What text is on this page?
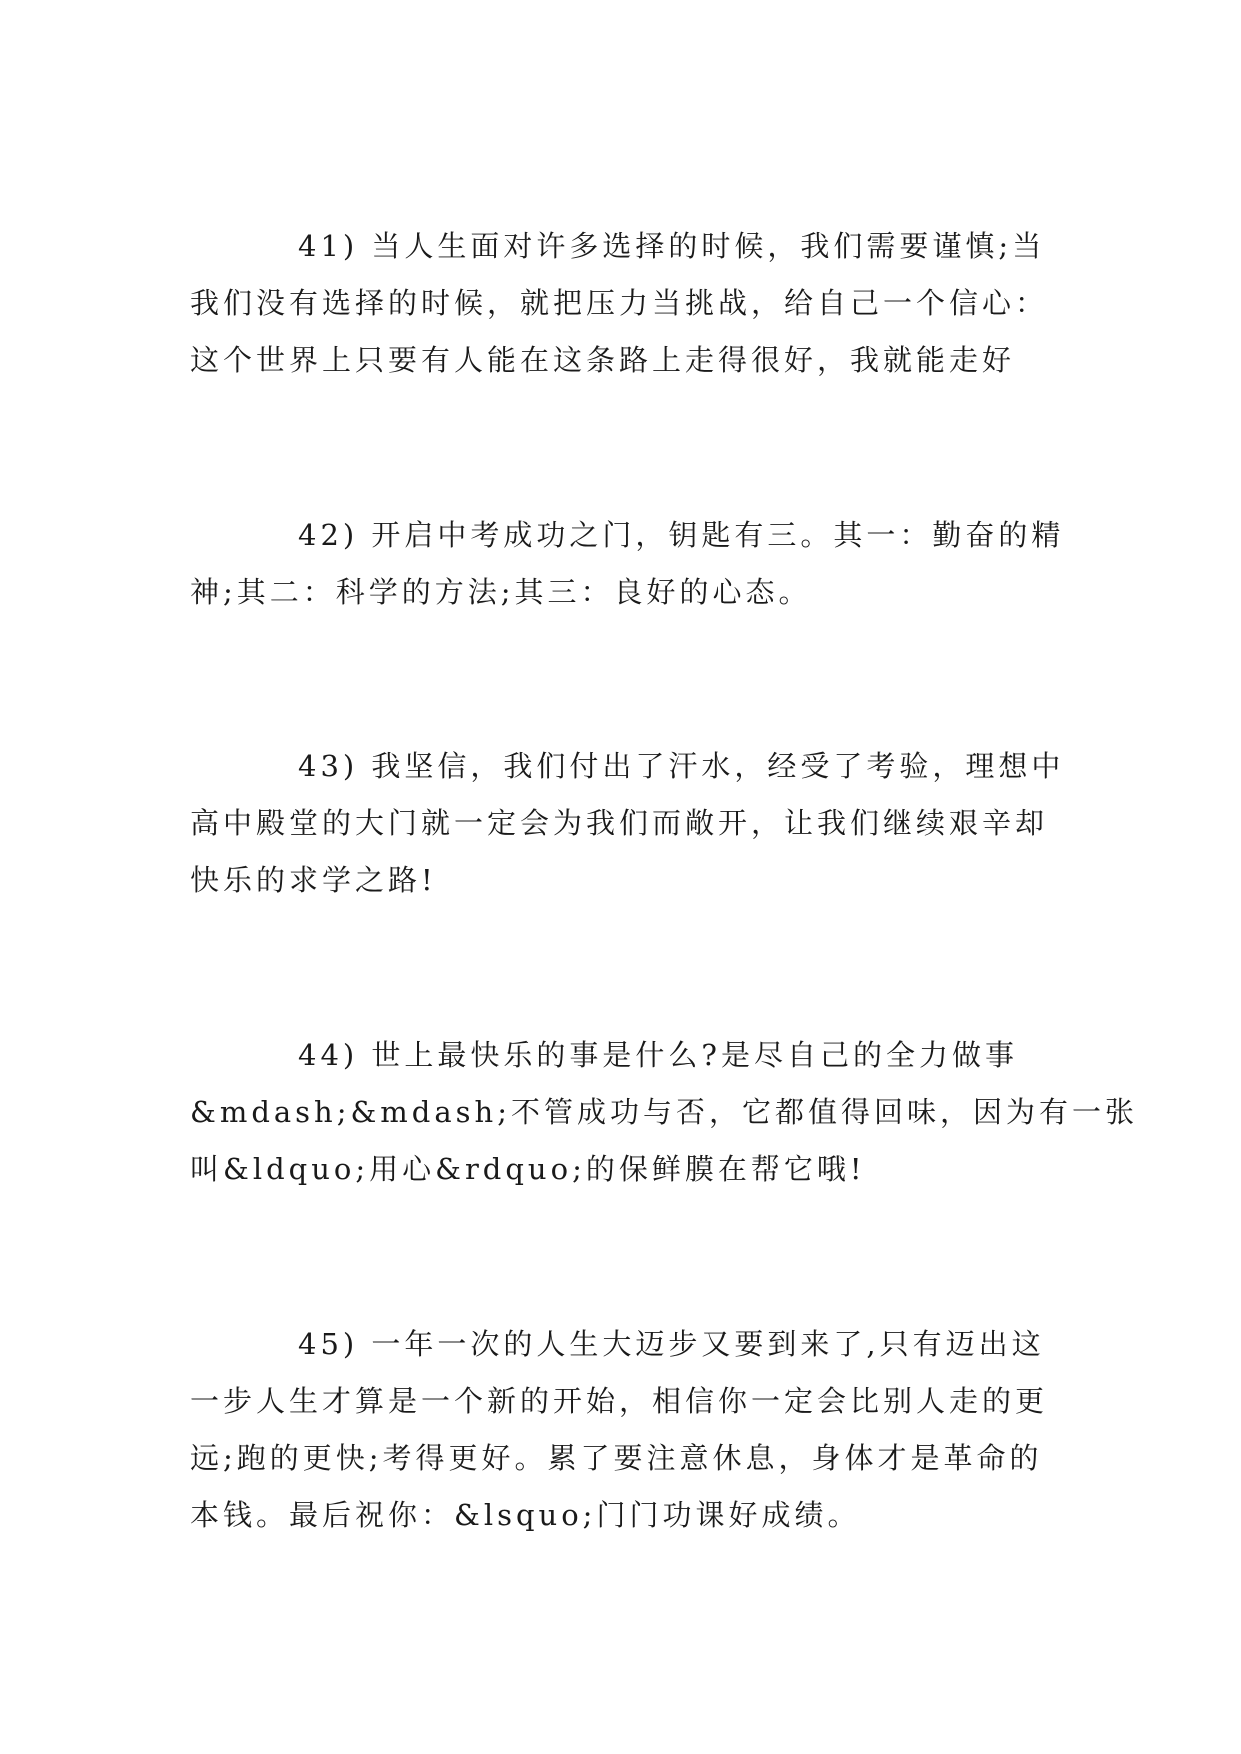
41) 当人生面对许多选择的时候，我们需要谨慎;当
我们没有选择的时候，就把压力当挑战，给自己一个信心：
这个世界上只要有人能在这条路上走得很好，我就能走好

42) 开启中考成功之门，钥匙有三。其一：勤奋的精
神;其二：科学的方法;其三：良好的心态。

43) 我坚信，我们付出了汗水，经受了考验，理想中
高中殿堂的大门就一定会为我们而敞开，让我们继续艰辛却
快乐的求学之路!

44) 世上最快乐的事是什么?是尽自己的全力做事
&mdash;&mdash;不管成功与否，它都值得回味，因为有一张
叫&ldquo;用心&rdquo;的保鲜膜在帮它哦!

45) 一年一次的人生大迈步又要到来了,只有迈出这
一步人生才算是一个新的开始，相信你一定会比别人走的更
远;跑的更快;考得更好。累了要注意休息，身体才是革命的
本钱。最后祝你：&lsquo;门门功课好成绩。
